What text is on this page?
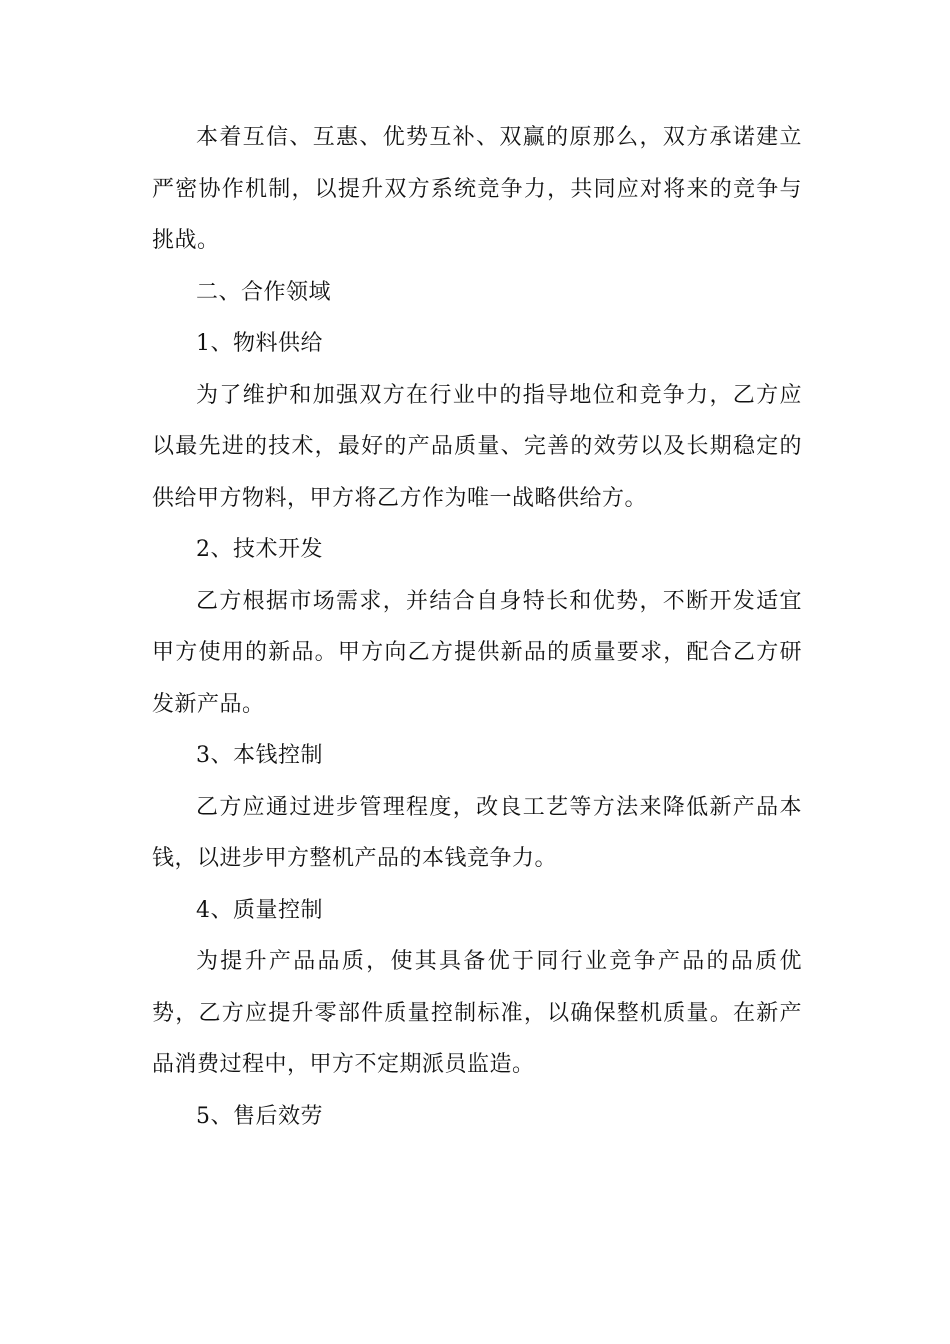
本着互信、互惠、优势互补、双赢的原那么，双方承诺建立严密协作机制，以提升双方系统竞争力，共同应对将来的竞争与挑战。

二、合作领域

1、物料供给

为了维护和加强双方在行业中的指导地位和竞争力，乙方应以最先进的技术，最好的产品质量、完善的效劳以及长期稳定的供给甲方物料，甲方将乙方作为唯一战略供给方。

2、技术开发

乙方根据市场需求，并结合自身特长和优势，不断开发适宜甲方使用的新品。甲方向乙方提供新品的质量要求，配合乙方研发新产品。

3、本钱控制

乙方应通过进步管理程度，改良工艺等方法来降低新产品本钱，以进步甲方整机产品的本钱竞争力。

4、质量控制

为提升产品品质，使其具备优于同行业竞争产品的品质优势，乙方应提升零部件质量控制标准，以确保整机质量。在新产品消费过程中，甲方不定期派员监造。

5、售后效劳
